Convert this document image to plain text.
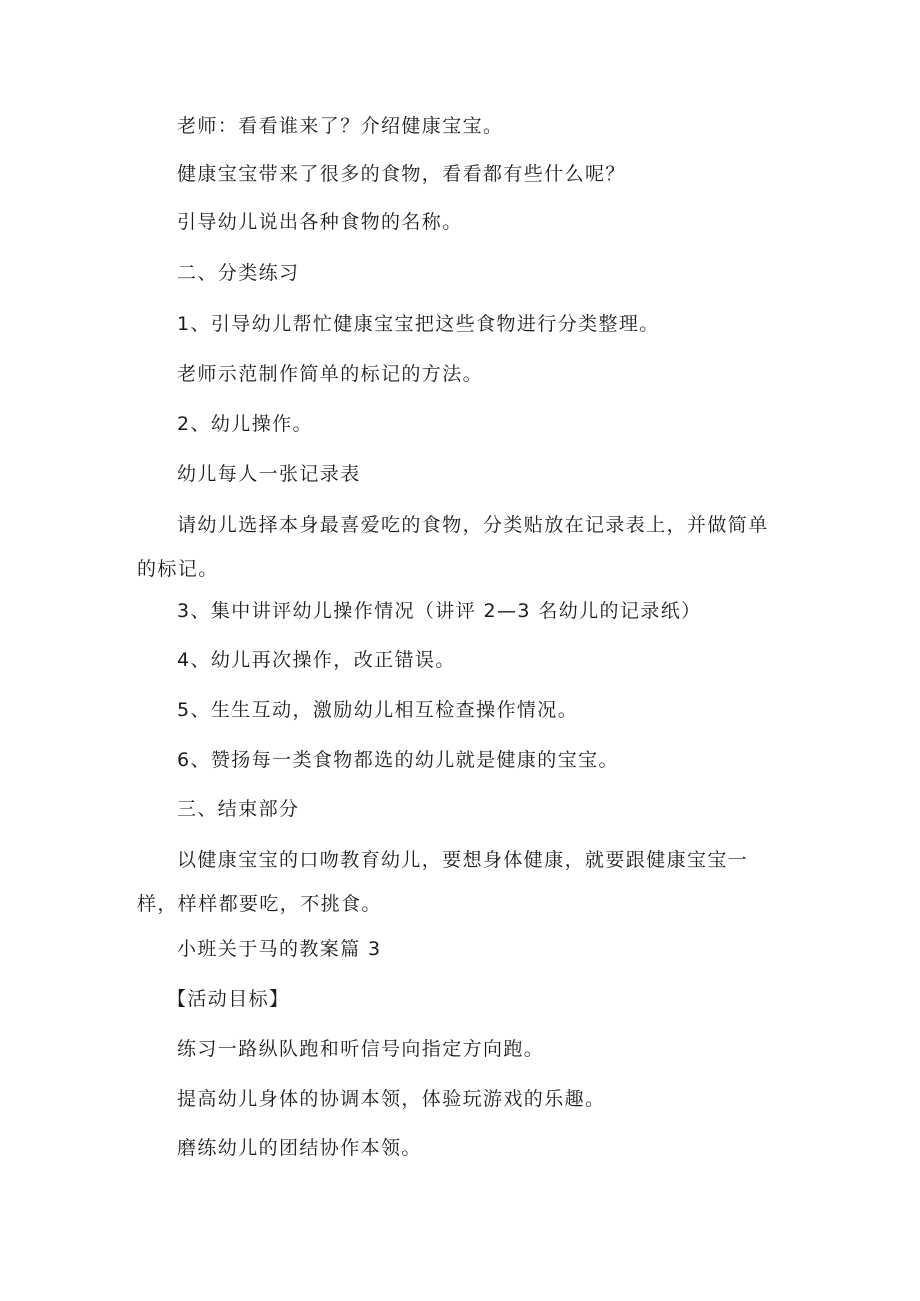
老师：看看谁来了？介绍健康宝宝。
健康宝宝带来了很多的食物，看看都有些什么呢？
引导幼儿说出各种食物的名称。
二、分类练习
1、引导幼儿帮忙健康宝宝把这些食物进行分类整理。
老师示范制作简单的标记的方法。
2、幼儿操作。
幼儿每人一张记录表
请幼儿选择本身最喜爱吃的食物，分类贴放在记录表上，并做简单的标记。
3、集中讲评幼儿操作情况（讲评 2—3 名幼儿的记录纸）
4、幼儿再次操作，改正错误。
5、生生互动，激励幼儿相互检查操作情况。
6、赞扬每一类食物都选的幼儿就是健康的宝宝。
三、结束部分
以健康宝宝的口吻教育幼儿，要想身体健康，就要跟健康宝宝一样，样样都要吃，不挑食。
小班关于马的教案篇 3
【活动目标】
练习一路纵队跑和听信号向指定方向跑。
提高幼儿身体的协调本领，体验玩游戏的乐趣。
磨练幼儿的团结协作本领。
